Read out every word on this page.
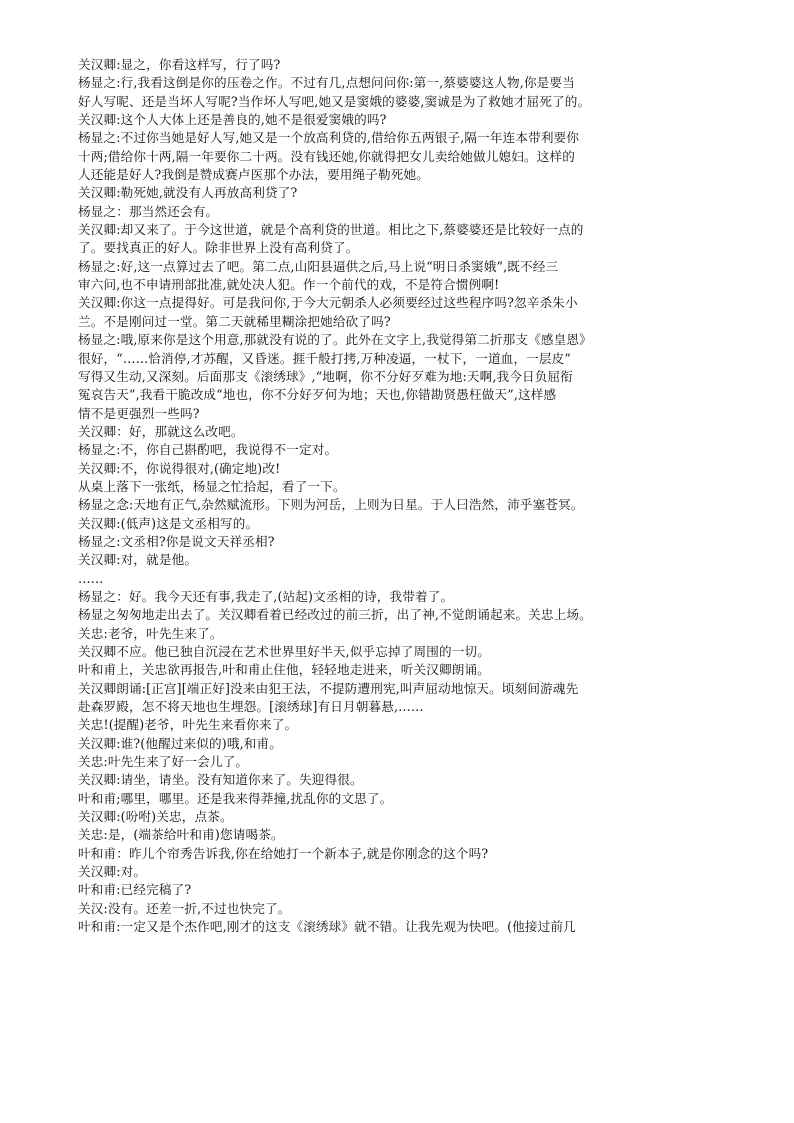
关汉卿:显之，你看这样写，行了吗?
杨显之:行,我看这倒是你的压卷之作。不过有几,点想问问你:第一,蔡婆婆这人物,你是要当
好人写呢、还是当坏人写呢?当作坏人写吧,她又是窦娥的婆婆,窦诚是为了救她才屈死了的。
关汉卿:这个人大体上还是善良的,她不是很爱窦娥的吗?
杨显之:不过你当她是好人写,她又是一个放高利贷的,借给你五两银子,隔一年连本带利要你
十两;借给你十两,隔一年要你二十两。没有钱还她,你就得把女儿卖给她做儿媳妇。这样的
人还能是好人?我倒是赞成赛卢医那个办法，要用绳子勒死她。
关汉卿:勒死她,就没有人再放高利贷了?
杨显之：那当然还会有。
关汉卿:却又来了。于今这世道，就是个高利贷的世道。相比之下,蔡婆婆还是比较好一点的
了。要找真正的好人。除非世界上没有高利贷了。
杨显之:好,这一点算过去了吧。第二点,山阳县逼供之后,马上说“明日杀窦娥”,既不经三
审六问,也不申请刑部批准,就处决人犯。作一个前代的戏，不是符合惯例啊!
关汉卿:你这一点提得好。可是我问你,于今大元朝杀人必须要经过这些程序吗?忽辛杀朱小
兰。不是刚问过一堂。第二天就稀里糊涂把她给砍了吗?
杨显之:哦,原来你是这个用意,那就没有说的了。此外在文字上,我觉得第二折那支《感皇恩》
很好，“……恰消停,才苏醒，又昏迷。捱千般打拷,万种凌逼，一杖下，一道血，一层皮”
写得又生动,又深刻。后面那支《滚绣球》,“地啊，你不分好歹难为地:天啊,我今日负屈衔
冤哀告天”,我看干脆改成“地也，你不分好歹何为地；天也,你错勘贤愚枉做天”,这样感
情不是更强烈一些吗?
关汉卿：好，那就这么改吧。
杨显之:不，你自己斟酌吧，我说得不一定对。
关汉卿:不，你说得很对,(确定地)改!
从桌上落下一张纸，杨显之忙拾起，看了一下。
杨显之念:天地有正气,杂然赋流形。下则为河岳，上则为日星。于人曰浩然，沛乎塞苍冥。
关汉卿:(低声)这是文丞相写的。
杨显之:文丞相?你是说文天祥丞相?
关汉卿:对，就是他。
……
杨显之：好。我今天还有事,我走了,(站起)文丞相的诗，我带着了。
杨显之匆匆地走出去了。关汉卿看着已经改过的前三折，出了神,不觉朗诵起来。关忠上场。
关忠:老爷，叶先生来了。
关汉卿不应。他已独自沉浸在艺术世界里好半天,似乎忘掉了周围的一切。
叶和甫上，关忠欲再报告,叶和甫止住他，轻轻地走进来，听关汉卿朗诵。
关汉卿朗诵:[正宫][端正好]没来由犯王法，不提防遭刑宪,叫声屈动地惊天。顷刻间游魂先
赴森罗殿，怎不将天地也生埋怨。[滚绣球]有日月朝暮悬,……
关忠!(提醒)老爷，叶先生来看你来了。
关汉卿:谁?(他醒过来似的)哦,和甫。
关忠:叶先生来了好一会儿了。
关汉卿:请坐，请坐。没有知道你来了。失迎得很。
叶和甫;哪里，哪里。还是我来得莽撞,扰乱你的文思了。
关汉卿:(吩咐)关忠，点茶。
关忠:是，(端茶给叶和甫)您请喝茶。
叶和甫：昨儿个帘秀告诉我,你在给她打一个新本子,就是你刚念的这个吗?
关汉卿:对。
叶和甫:已经完稿了?
关汉:没有。还差一折,不过也快完了。
叶和甫:一定又是个杰作吧,刚才的这支《滚绣球》就不错。让我先观为快吧。(他接过前几
